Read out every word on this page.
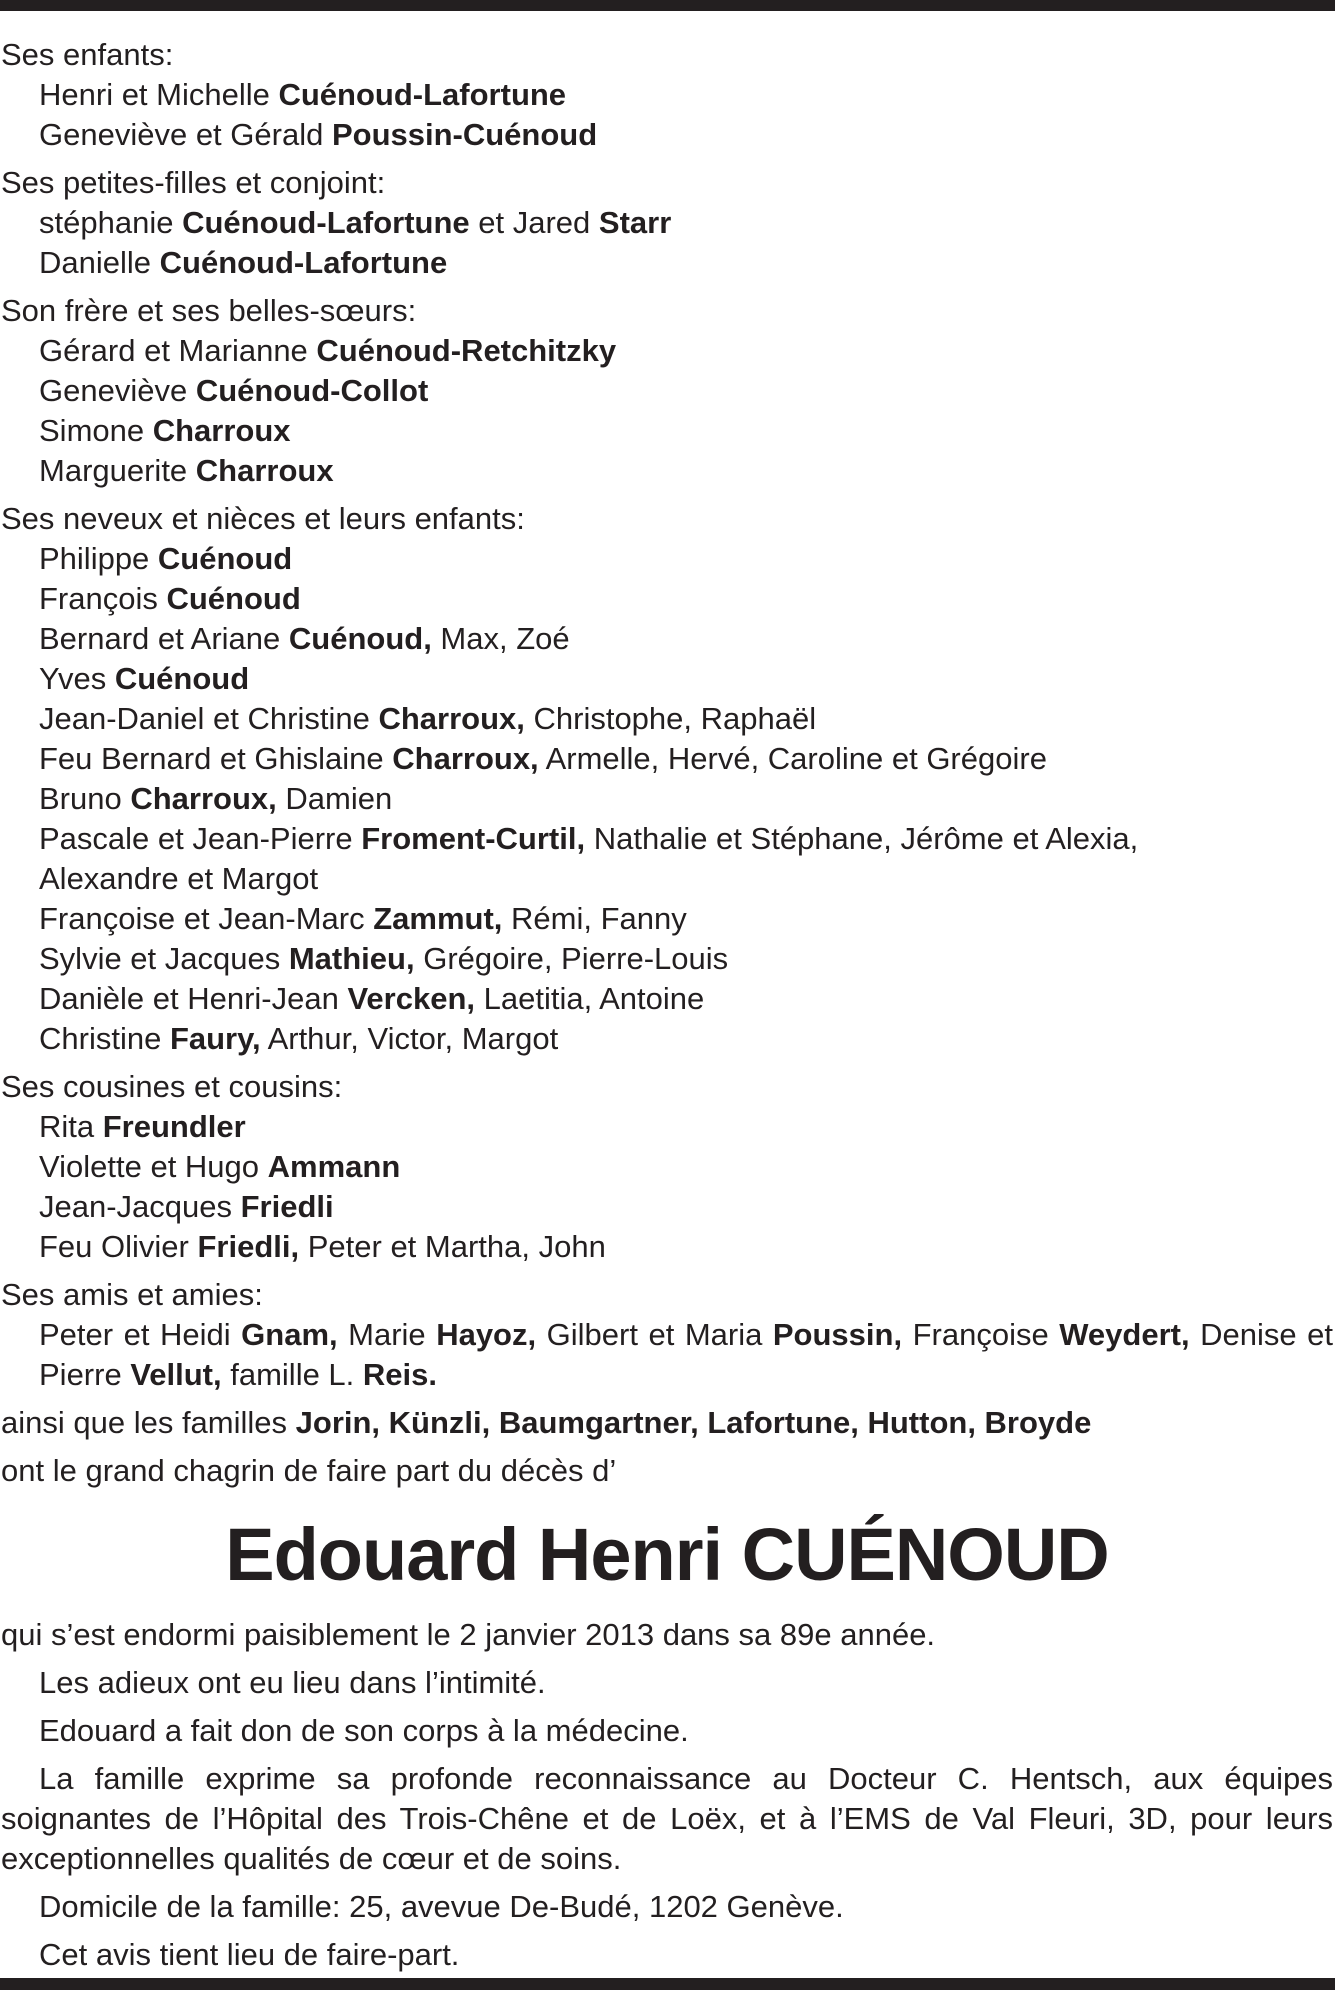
Ses enfants:
Henri et Michelle Cuénoud-Lafortune
Geneviève et Gérald Poussin-Cuénoud
Ses petites-filles et conjoint:
stéphanie Cuénoud-Lafortune et Jared Starr
Danielle Cuénoud-Lafortune
Son frère et ses belles-sœurs:
Gérard et Marianne Cuénoud-Retchitzky
Geneviève Cuénoud-Collot
Simone Charroux
Marguerite Charroux
Ses neveux et nièces et leurs enfants:
Philippe Cuénoud
François Cuénoud
Bernard et Ariane Cuénoud, Max, Zoé
Yves Cuénoud
Jean-Daniel et Christine Charroux, Christophe, Raphaël
Feu Bernard et Ghislaine Charroux, Armelle, Hervé, Caroline et Grégoire
Bruno Charroux, Damien
Pascale et Jean-Pierre Froment-Curtil, Nathalie et Stéphane, Jérôme et Alexia,
Alexandre et Margot
Françoise et Jean-Marc Zammut, Rémi, Fanny
Sylvie et Jacques Mathieu, Grégoire, Pierre-Louis
Danièle et Henri-Jean Vercken, Laetitia, Antoine
Christine Faury, Arthur, Victor, Margot
Ses cousines et cousins:
Rita Freundler
Violette et Hugo Ammann
Jean-Jacques Friedli
Feu Olivier Friedli, Peter et Martha, John
Ses amis et amies:
Peter et Heidi Gnam, Marie Hayoz, Gilbert et Maria Poussin, Françoise Weydert, Denise et Pierre Vellut, famille L. Reis.
ainsi que les familles Jorin, Künzli, Baumgartner, Lafortune, Hutton, Broyde
ont le grand chagrin de faire part du décès d’
Edouard Henri CUÉNOUD
qui s’est endormi paisiblement le 2 janvier 2013 dans sa 89e année.
Les adieux ont eu lieu dans l’intimité.
Edouard a fait don de son corps à la médecine.
La famille exprime sa profonde reconnaissance au Docteur C. Hentsch, aux équipes soignantes de l’Hôpital des Trois-Chêne et de Loëx, et à l’EMS de Val Fleuri, 3D, pour leurs exceptionnelles qualités de cœur et de soins.
Domicile de la famille: 25, avevue De-Budé, 1202 Genève.
Cet avis tient lieu de faire-part.
